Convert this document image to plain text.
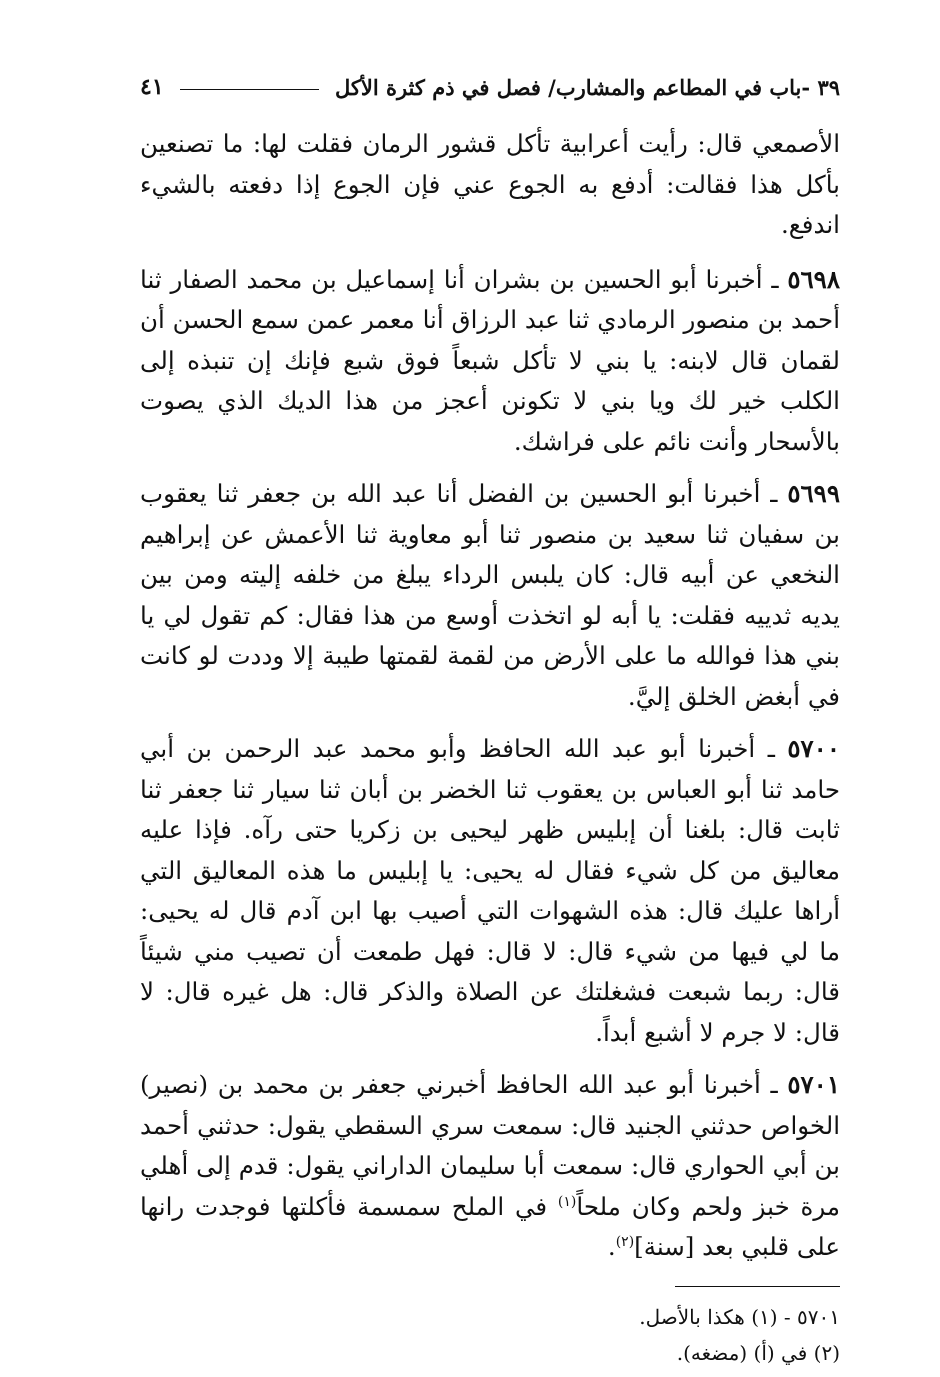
٣٩ -باب في المطاعم والمشارب/ فصل في ذم كثرة الأكل
٤١

الأصمعي قال: رأيت أعرابية تأكل قشور الرمان فقلت لها: ما تصنعين بأكل هذا فقالت: أدفع به الجوع عني فإن الجوع إذا دفعته بالشيء اندفع.

٥٦٩٨ ـ أخبرنا أبو الحسين بن بشران أنا إسماعيل بن محمد الصفار ثنا أحمد بن منصور الرمادي ثنا عبد الرزاق أنا معمر عمن سمع الحسن أن لقمان قال لابنه: يا بني لا تأكل شبعاً فوق شبع فإنك إن تنبذه إلى الكلب خير لك ويا بني لا تكونن أعجز من هذا الديك الذي يصوت بالأسحار وأنت نائم على فراشك.

٥٦٩٩ ـ أخبرنا أبو الحسين بن الفضل أنا عبد الله بن جعفر ثنا يعقوب بن سفيان ثنا سعيد بن منصور ثنا أبو معاوية ثنا الأعمش عن إبراهيم النخعي عن أبيه قال: كان يلبس الرداء يبلغ من خلفه إليته ومن بين يديه ثدييه فقلت: يا أبه لو اتخذت أوسع من هذا فقال: كم تقول لي يا بني هذا فوالله ما على الأرض من لقمة لقمتها طيبة إلا وددت لو كانت في أبغض الخلق إليَّ.

٥٧٠٠ ـ أخبرنا أبو عبد الله الحافظ وأبو محمد عبد الرحمن بن أبي حامد ثنا أبو العباس بن يعقوب ثنا الخضر بن أبان ثنا سيار ثنا جعفر ثنا ثابت قال: بلغنا أن إبليس ظهر ليحيى بن زكريا حتى رآه. فإذا عليه معاليق من كل شيء فقال له يحيى: يا إبليس ما هذه المعاليق التي أراها عليك قال: هذه الشهوات التي أصيب بها ابن آدم قال له يحيى: ما لي فيها من شيء قال: لا قال: فهل طمعت أن تصيب مني شيئاً قال: ربما شبعت فشغلتك عن الصلاة والذكر قال: هل غيره قال: لا قال: لا جرم لا أشبع أبداً.

٥٧٠١ ـ أخبرنا أبو عبد الله الحافظ أخبرني جعفر بن محمد بن (نصير) الخواص حدثني الجنيد قال: سمعت سري السقطي يقول: حدثني أحمد بن أبي الحواري قال: سمعت أبا سليمان الداراني يقول: قدم إلى أهلي مرة خبز ولحم وكان ملحاً$^{(١)}$ في الملح سمسمة فأكلتها فوجدت رانها على قلبي بعد [سنة]$^{(٢)}$.

٥٧٠١ - (١) هكذا بالأصل.

(٢) في (أ) (مضغه).
